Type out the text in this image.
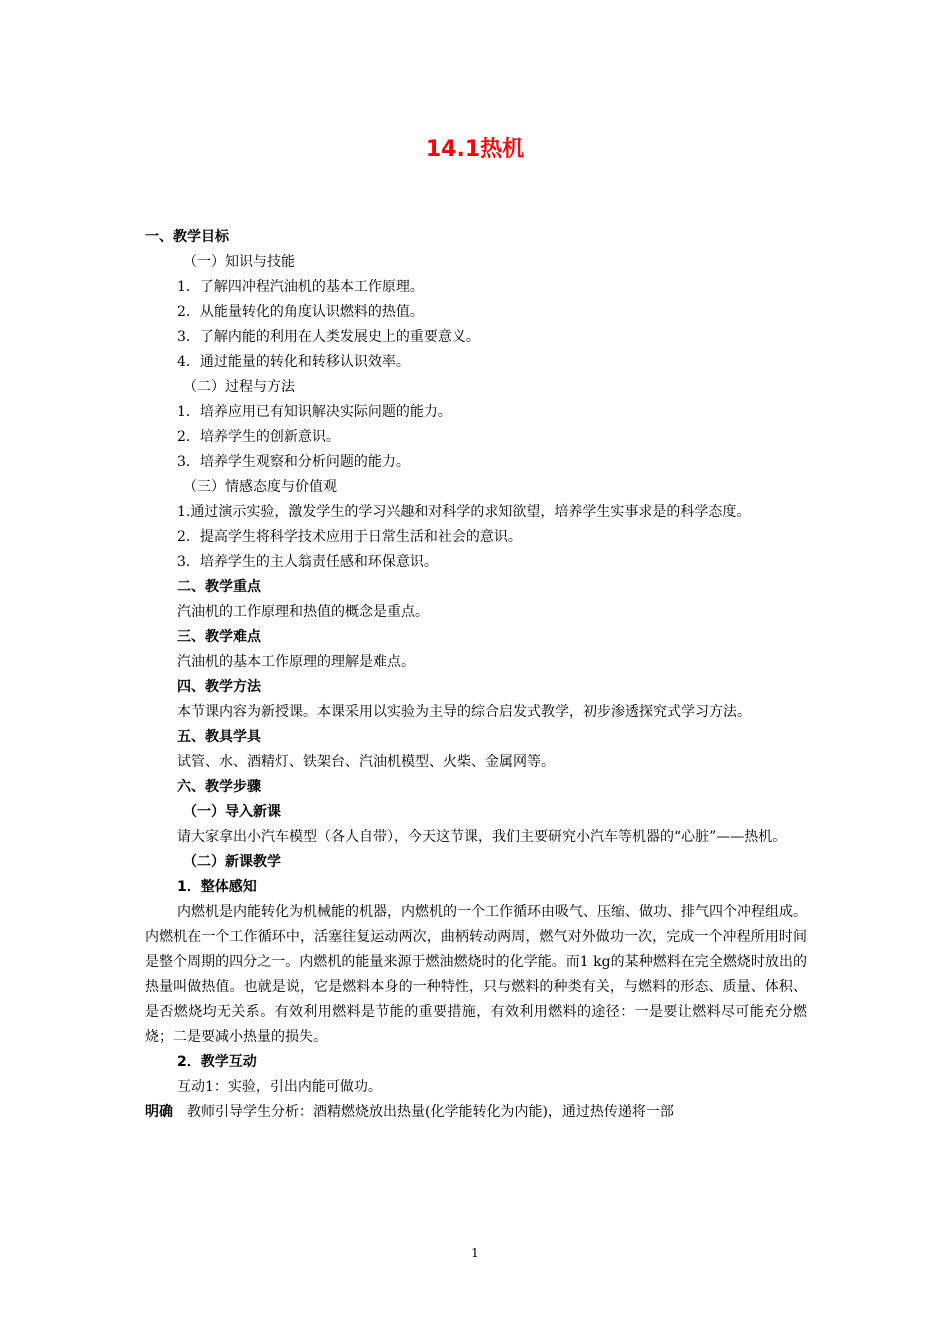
14.1热机
一、教学目标
（一）知识与技能
1．了解四冲程汽油机的基本工作原理。
2．从能量转化的角度认识燃料的热值。
3．了解内能的利用在人类发展史上的重要意义。
4．通过能量的转化和转移认识效率。
（二）过程与方法
1．培养应用已有知识解决实际问题的能力。
2．培养学生的创新意识。
3．培养学生观察和分析问题的能力。
（三）情感态度与价值观
1.通过演示实验，激发学生的学习兴趣和对科学的求知欲望，培养学生实事求是的科学态度。
2．提高学生将科学技术应用于日常生活和社会的意识。
3．培养学生的主人翁责任感和环保意识。
二、教学重点
汽油机的工作原理和热值的概念是重点。
三、教学难点
汽油机的基本工作原理的理解是难点。
四、教学方法
本节课内容为新授课。本课采用以实验为主导的综合启发式教学，初步渗透探究式学习方法。
五、教具学具
试管、水、酒精灯、铁架台、汽油机模型、火柴、金属网等。
六、教学步骤
（一）导入新课
请大家拿出小汽车模型（各人自带），今天这节课，我们主要研究小汽车等机器的“心脏”——热机。
（二）新课教学
1．整体感知
内燃机是内能转化为机械能的机器，内燃机的一个工作循环由吸气、压缩、做功、排气四个冲程组成。内燃机在一个工作循环中，活塞往复运动两次，曲柄转动两周，燃气对外做功一次，完成一个冲程所用时间是整个周期的四分之一。内燃机的能量来源于燃油燃烧时的化学能。而1 kg的某种燃料在完全燃烧时放出的热量叫做热值。也就是说，它是燃料本身的一种特性，只与燃料的种类有关，与燃料的形态、质量、体积、是否燃烧均无关系。有效利用燃料是节能的重要措施，有效利用燃料的途径：一是要让燃料尽可能充分燃烧；二是要减小热量的损失。
2．教学互动
互动1：实验，引出内能可做功。
明确 教师引导学生分析：酒精燃烧放出热量(化学能转化为内能)，通过热传递将一部
1
